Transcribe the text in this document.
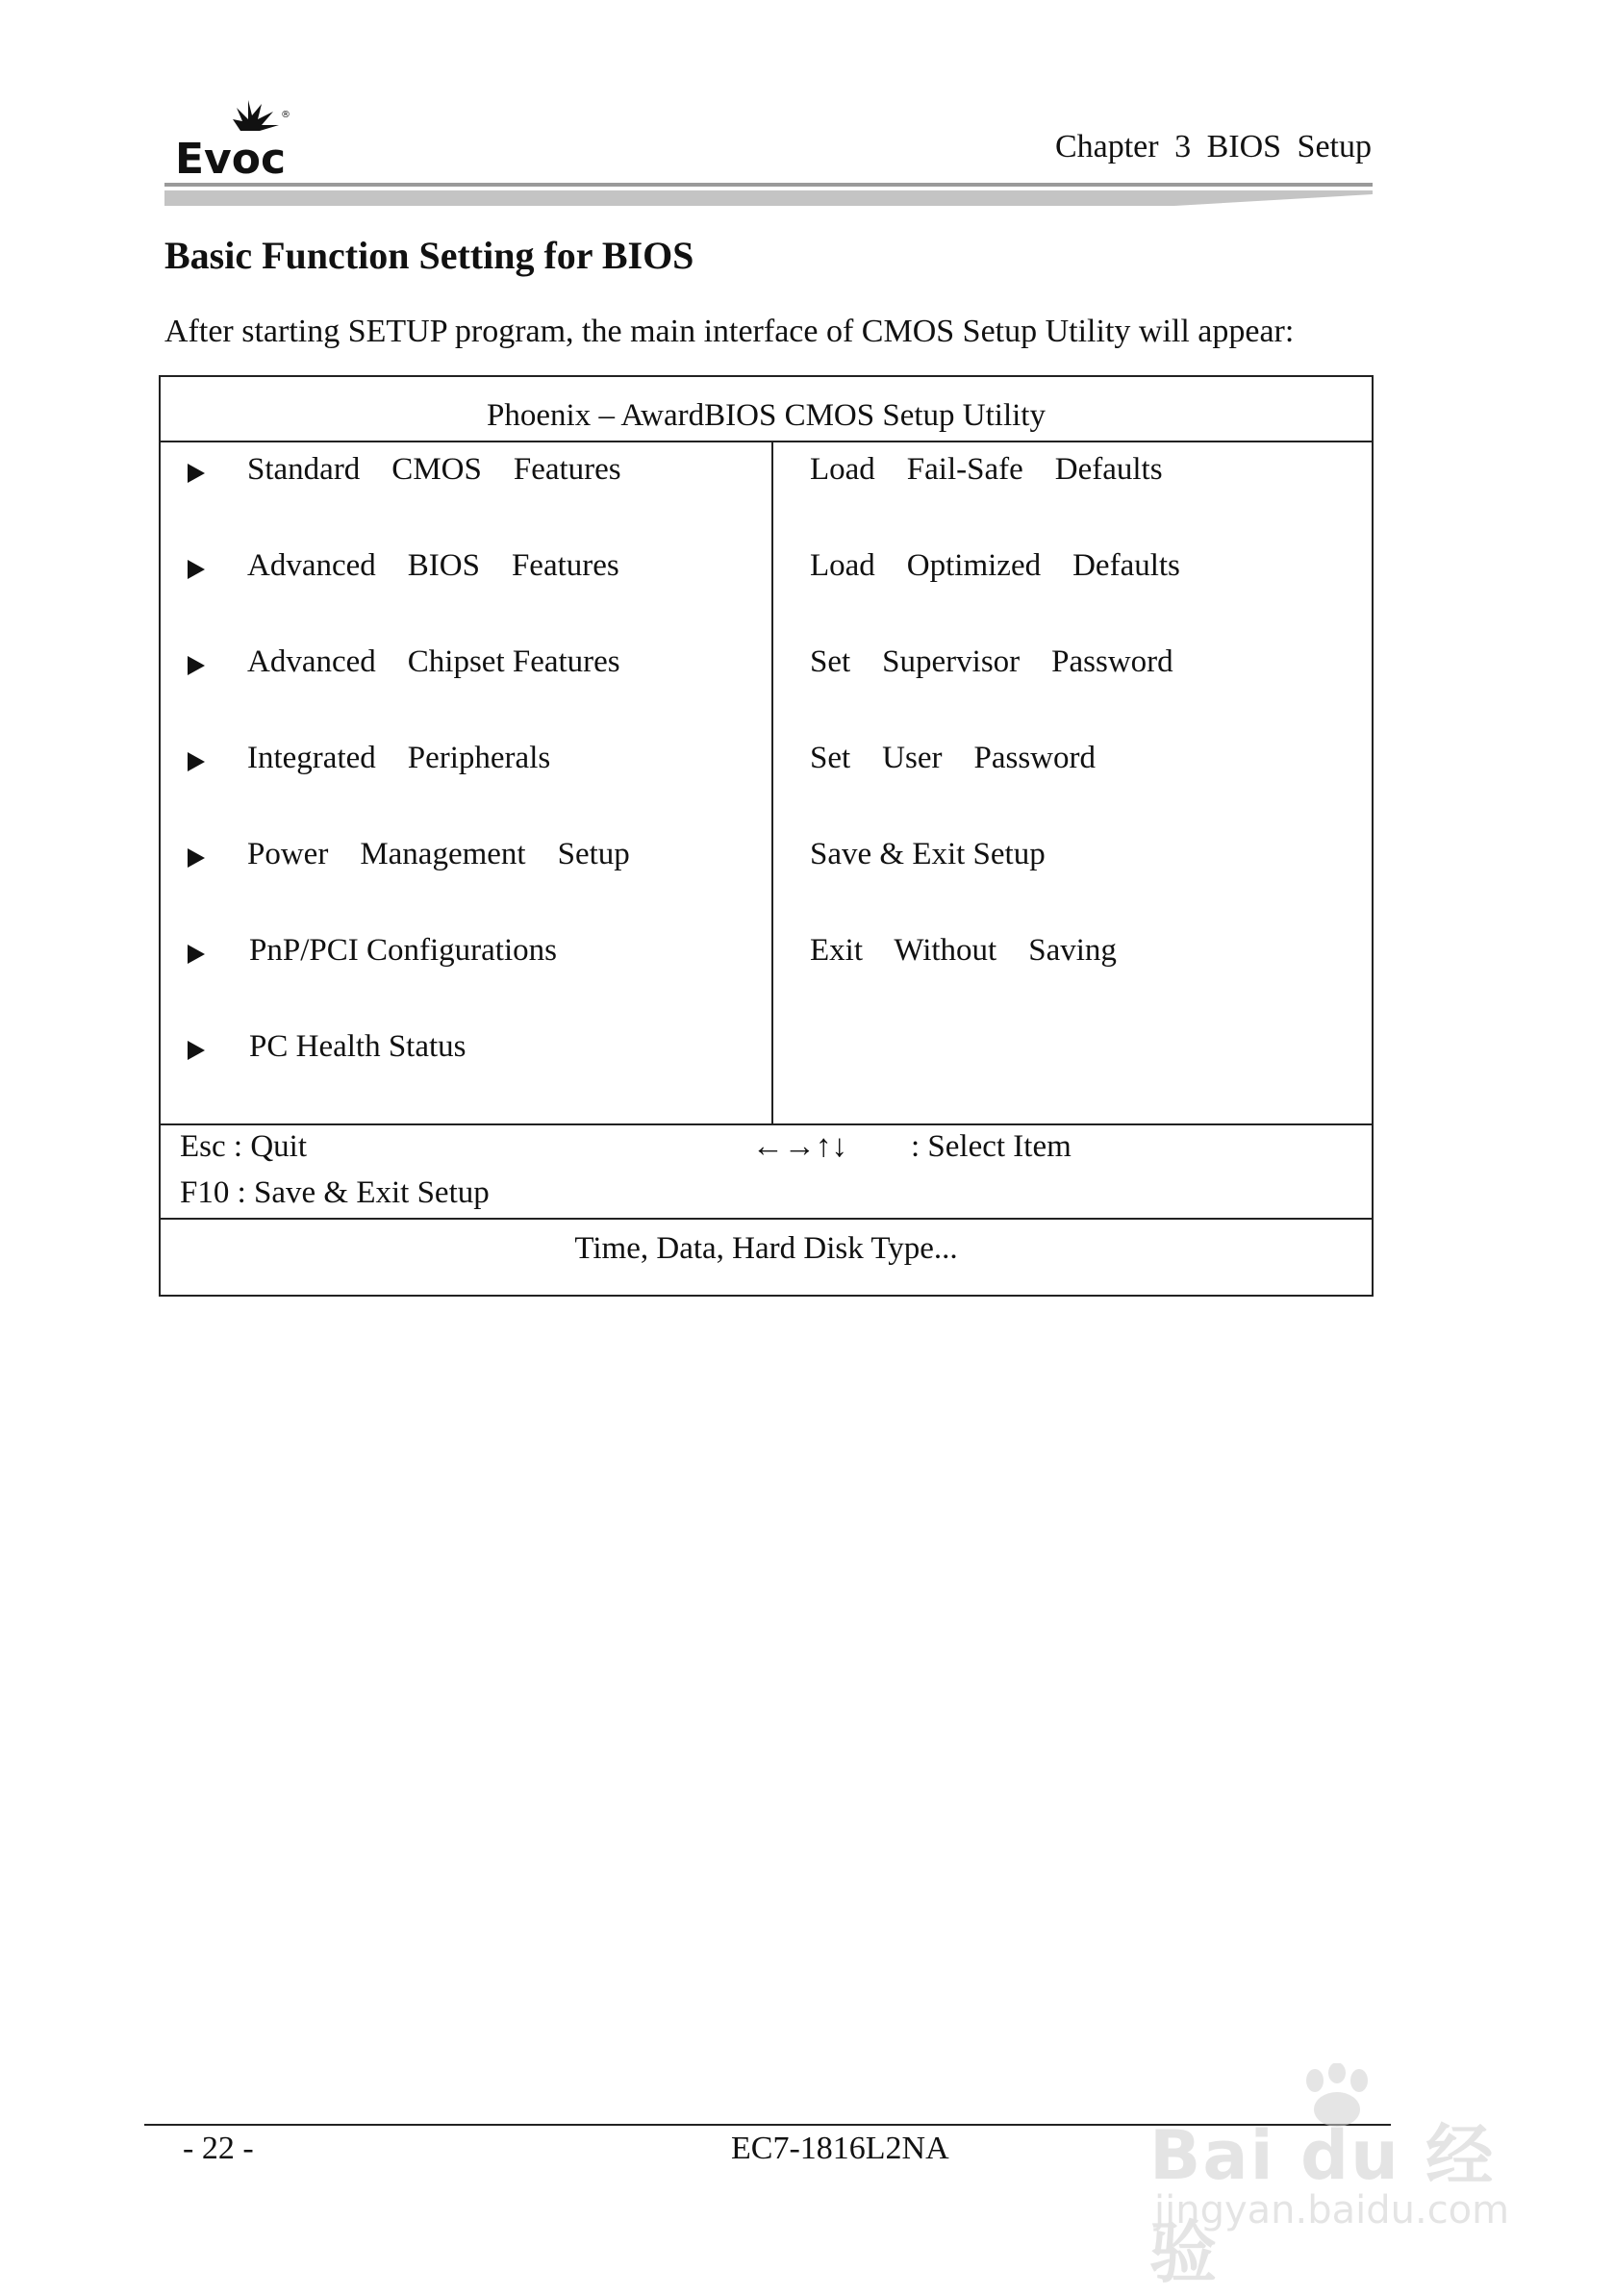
Evoc
®
Chapter 3 BIOS Setup
Basic Function Setting for BIOS
After starting SETUP program, the main interface of CMOS Setup Utility will appear:
Phoenix – AwardBIOS CMOS Setup Utility
Standard    CMOS    Features
Advanced    BIOS    Features
Advanced    Chipset Features
Integrated    Peripherals
Power    Management    Setup
PnP/PCI Configurations
PC Health Status
Load    Fail-Safe    Defaults
Load    Optimized    Defaults
Set    Supervisor    Password
Set    User    Password
Save & Exit Setup
Exit    Without    Saving
Esc : Quit
F10 : Save & Exit Setup
←→↑↓ : Select Item
Time, Data, Hard Disk Type...
- 22 -	EC7-1816L2NA	Bai du 经验
jingyan.baidu.com
